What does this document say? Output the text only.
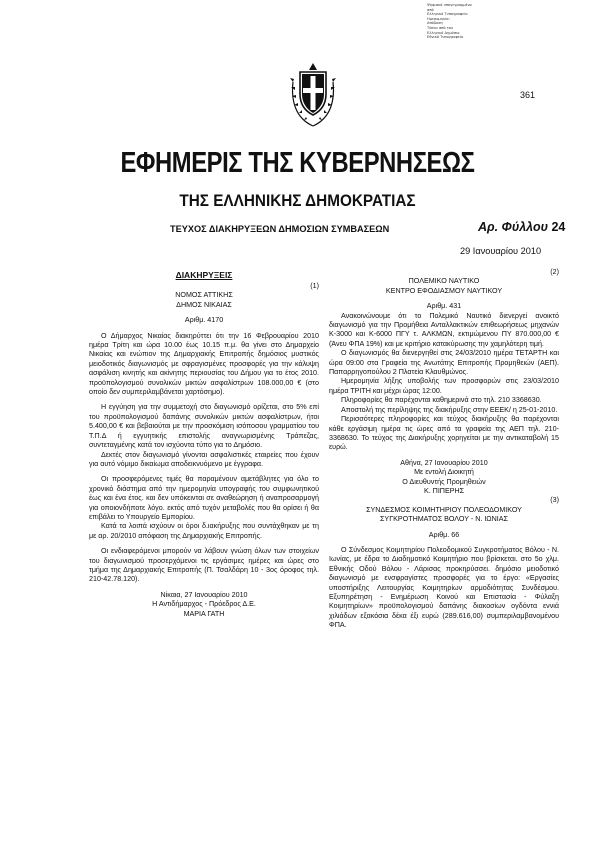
Ψηφιακά υπογεγραμμένο
από
Ελληνικό Τυπογραφείο
Ημερομηνία:
Απόδοση
Τύπου από τον
Ελληνικό Δημόσιο
Εθνικό Τυπογραφείο
361
ΕΦΗΜΕΡΙΣ ΤΗΣ ΚΥΒΕΡΝΗΣΕΩΣ
ΤΗΣ ΕΛΛΗΝΙΚΗΣ ΔΗΜΟΚΡΑΤΙΑΣ
ΤΕΥΧΟΣ ΔΙΑΚΗΡΥΞΕΩΝ ΔΗΜΟΣΙΩΝ ΣΥΜΒΑΣΕΩΝ	Αρ. Φύλλου 24
29 Ιανουαρίου 2010

ΔΙΑΚΗΡΥΞΕΙΣ

(1)

ΝΟΜΟΣ ΑΤΤΙΚΗΣ

ΔΗΜΟΣ ΝΙΚΑΙΑΣ

Αριθμ. 4170

Ο Δήμαρχος Νικαίας διακηρύττει ότι την 16 Φεβρουαρίου 2010 ημέρα Τρίτη και ώρα 10.00 έως 10.15 π.μ. θα γίνει στο Δημαρχείο Νικαίας και ενώπιον της Δημαρχιακής Επιτροπής δημόσιος μυστικός μειοδοτικός διαγωνισμός με σφραγισμένες προσφορές για την κάλυψη ασφάλιση κινητής και ακίνητης περιουσίας του Δήμου για το έτος 2010. προϋπολογισμού συνολικών μικτών ασφαλίστρων 108.000,00 € (στο οποίο δεν συμπεριλαμβάνεται χαρτόσημο).

Η εγγύηση για την συμμετοχή στο διαγωνισμό ορίζεται, στο 5% επί του προϋπολογισμού δαπάνης συνολικών μικτών ασφαλίστρων, ήτοι 5.400,00 € και βεβαιούται με την προσκόμιση ισόποσου γραμματίου του Τ.Π.Δ ή εγγυητικής επιστολής αναγνωρισμένης Τράπεζας, συντεταγμένης κατά τον ισχύοντα τύπο για το Δημόσιο.

Δεκτές στον διαγωνισμό γίνονται ασφαλιστικές εταιρείες που έχουν για αυτό νόμιμο δικαίωμα αποδεικνυόμενο με έγγραφα.

Οι προσφερόμενες τιμές θα παραμένουν αμετάβλητες για όλο το χρονικό διάστημα από την ημερομηνία υπογραφής του συμφωνητικού έως και ένα έτος. και δεν υπόκεινται σε αναθεώρηση ή αναπροσαρμογή για οποιονδήποτε λόγο. εκτός από τυχόν μεταβολές που θα ορίσει ή θα επιβάλει το Υπουργείο Εμπορίου.

Κατά τα λοιπά ισχύουν οι όροι δ.ιακήρυξης που συντάχθηκαν με τη με αρ. 20/2010 απόφαση της Δημαρχιακής Επιτροπής.

Οι ενδιαφερόμενοι μπορούν να λάβουν γνώση όλων των στοιχείων του διαγωνισμού προσερχόμενοι τις εργάσιμες ημέρες και ώρες στο τμήμα της Δημαρχιακής Επιτροπής (Π. Τσαλδάρη 10 - 3ος όροφος τηλ. 210-42.78.120).

Νίκαια, 27 Ιανουαρίου 2010

Η Αντιδήμαρχος - Πρόεδρος Δ.Ε.

ΜΑΡΙΑ ΓΑΤΗ

(2)

ΠΟΛΕΜΙΚΟ ΝΑΥΤΙΚΟ

ΚΕΝΤΡΟ ΕΦΟΔΙΑΣΜΟΥ ΝΑΥΤΙΚΟΥ

Αριθμ. 431

Ανακοινώνουμε ότι το Πολεμικό Ναυτικό διενεργεί ανοικτό διαγωνισμό για την Προμήθεια Ανταλλακτικών επιθεωρήσεως μηχανών Κ-3000 και Κ-6000 ΠΓΥ τ. ΑΛΚΜΩΝ, εκτιμώμενου ΠΥ 870.000,00 € (Άνευ ΦΠΑ 19%) και με κριτήριο κατακύρωσης την χαμηλότερη τιμή.

Ο διαγωνισμός θα διενεργηθεί στις 24/03/2010 ημέρα ΤΕΤΑΡΤΗ και ώρα 09:00 στα Γραφεία της Ανωτάτης Επιτροπής Προμηθειών (ΑΕΠ). Παπαρρηγοπούλου 2 Πλατεία Κλαυθμώνος.

Ημερομηνία λήξης υποβολής των προσφορών στις 23/03/2010 ημέρα ΤΡΙΤΗ και μέχρι ώρας 12:00.

Πληροφορίες θα παρέχονται καθημερινά στο τηλ. 210 3368630.

Αποστολή της περίληψης της διακήρυξης στην ΕΕΕΚ/ η 25-01-2010.

Περισσότερες πληροφορίες και τεύχος διακήρυξης θα παρέχονται κάθε εργάσιμη ημέρα τις ώρες από τα γραφεία της ΑΕΠ τηλ. 210-3368630. Το τεύχος της Διακήρυξης χορηγείται με την αντικαταβολή 15 ευρώ.

Αθήνα, 27 Ιανουαρίου 2010

Με εντολή Διοικητή

Ο Διευθυντής Προμηθειών

Κ. ΠΙΠΕΡΗΣ

(3)

ΣΥΝΔΕΣΜΟΣ ΚΟΙΜΗΤΗΡΙΟΥ ΠΟΛΕΟΔΟΜΙΚΟΥ

ΣΥΓΚΡΟΤΗΜΑΤΟΣ ΒΟΛΟΥ - Ν. ΙΩΝΙΑΣ

Αριθμ. 66

Ο Σύνδεσμος Κοιμητηρίου Πολεοδομικού Συγκροτήματος Βόλου - Ν. Ιωνίας, με έδρα το Διαδημοτικό Κοιμητήριο που βρίσκεται. στο 5ο χλμ. Εθνικής Οδού Βόλου - Λάρισας προκηρύσσει. δημόσιο μειοδοτικό διαγωνισμό με ενσφραγίστες προσφορές για το έργο: «Εργασίες υποστήριξης Λειτουργίας Κοιμητηρίων αρμοδιότητας Συνδέσμου. Εξυπηρέτηση - Ενημέρωση Κοινού και Επιστασία - Φύλαξη Κοιμητηρίων» προϋπολογισμού δαπάνης διακοσίων ογδόντα εννιά χιλιάδων εξακόσια δέκα έξι ευρώ (289.616,00) συμπεριλαμβανομένου ΦΠΑ.
